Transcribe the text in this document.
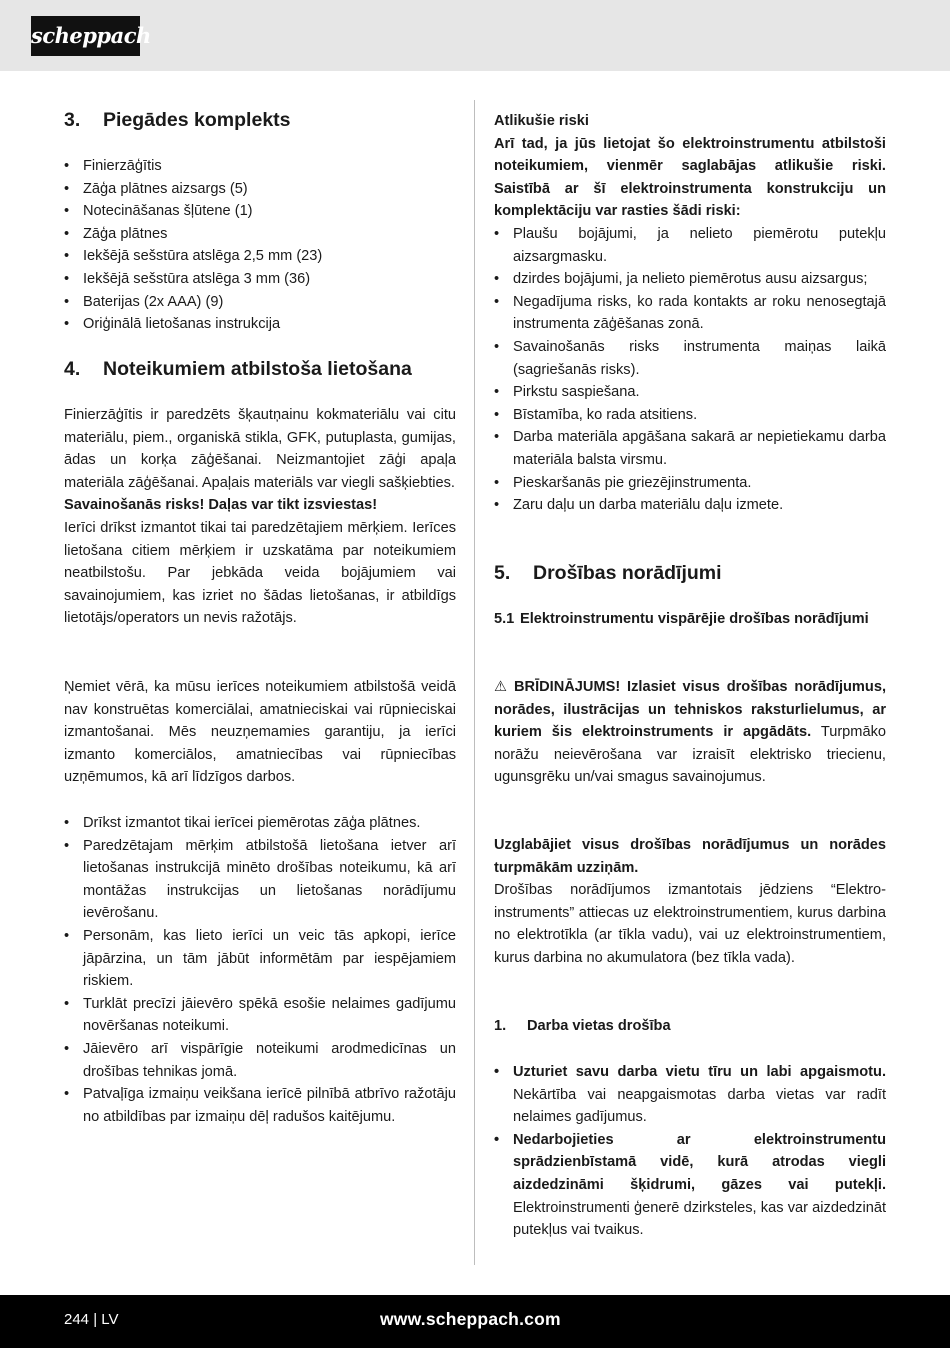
scheppach
3. Piegādes komplekts
• Finierzāģītis
• Zāģa plātnes aizsargs (5)
• Notecināšanas šļūtene (1)
• Zāģa plātnes
• Iekšējā sešstūra atslēga 2,5 mm (23)
• Iekšējā sešstūra atslēga 3 mm (36)
• Baterijas (2x AAA) (9)
• Oriģinālā lietošanas instrukcija
4. Noteikumiem atbilstoša lietošana

Finierzāģītis ir paredzēts šķautņainu kokmateriālu vai citu materiālu, piem., organiskā stikla, GFK, putuplasta, gumijas, ādas un korķa zāģēšanai. Neizmantojiet zāģi apaļa materiāla zāģēšanai. Apaļais materiāls var viegli sašķiebties.

Savainošanās risks! Daļas var tikt izsviestas!

Ierīci drīkst izmantot tikai tai paredzētajiem mērķiem. Ierīces lietošana citiem mērķiem ir uzskatāma par noteikumiem neatbilstošu. Par jebkāda veida bojājumiem vai savainojumiem, kas izriet no šādas lietošanas, ir atbildīgs lietotājs/operators un nevis ražotājs.

Ņemiet vērā, ka mūsu ierīces noteikumiem atbilstošā veidā nav konstruētas komerciālai, amatnieciskai vai rūpnieciskai izmantošanai. Mēs neuzņemamies garantiju, ja ierīci izmanto komerciālos, amatniecības vai rūpniecības uzņēmumos, kā arī līdzīgos darbos.

• Drīkst izmantot tikai ierīcei piemērotas zāģa plātnes.
• Paredzētajam mērķim atbilstošā lietošana ietver arī lietošanas instrukcijā minēto drošības noteikumu, kā arī montāžas instrukcijas un lietošanas norādījumu ievērošanu.
• Personām, kas lieto ierīci un veic tās apkopi, ierīce jāpārzina, un tām jābūt informētām par iespējamiem riskiem.
• Turklāt precīzi jāievēro spēkā esošie nelaimes gadījumu novēršanas noteikumi.
• Jāievēro arī vispārīgie noteikumi arodmedicīnas un drošības tehnikas jomā.
• Patvaļīga izmaiņu veikšana ierīcē pilnībā atbrīvo ražotāju no atbildības par izmaiņu dēļ radušos kaitējumu.

Atlikušie riski

Arī tad, ja jūs lietojat šo elektroinstrumentu atbilstoši noteikumiem, vienmēr saglabājas atlikušie riski. Saistībā ar šī elektroinstrumenta konstrukciju un komplektāciju var rasties šādi riski:

• Plaušu bojājumi, ja nelieto piemērotu putekļu aizsargmasku.
• dzirdes bojājumi, ja nelieto piemērotus ausu aizsargus;
• Negadījuma risks, ko rada kontakts ar roku nenosegtajā instrumenta zāģēšanas zonā.
• Savainošanās risks instrumenta maiņas laikā (sagriešanās risks).
• Pirkstu saspiešana.
• Bīstamība, ko rada atsitiens.
• Darba materiāla apgāšana sakarā ar nepietiekamu darba materiāla balsta virsmu.
• Pieskaršanās pie griezējinstrumenta.
• Zaru daļu un darba materiālu daļu izmete.
5. Drošības norādījumi
5.1 Elektroinstrumentu vispārējie drošības norādījumi

⚠ BRĪDINĀJUMS! Izlasiet visus drošības norādījumus, norādes, ilustrācijas un tehniskos raksturlielumus, ar kuriem šis elektroinstruments ir apgādāts. Turpmāko norāžu neievērošana var izraisīt elektrisko triecienu, ugunsgrēku un/vai smagus savainojumus.

Uzglabājiet visus drošības norādījumus un norādes turpmākām uzziņām.

Drošības norādījumos izmantotais jēdziens “Elektroinstruments” attiecas uz elektroinstrumentiem, kurus darbina no elektrotīkla (ar tīkla vadu), vai uz elektroinstrumentiem, kurus darbina no akumulatora (bez tīkla vada).

1. Darba vietas drošība
• Uzturiet savu darba vietu tīru un labi apgaismotu. Nekārtība vai neapgaismotas darba vietas var radīt nelaimes gadījumus.
• Nedarbojieties ar elektroinstrumentu sprādzienbīstamā vidē, kurā atrodas viegli aizdedzināmi šķidrumi, gāzes vai putekļi. Elektroinstrumenti ģenerē dzirksteles, kas var aizdedzināt putekļus vai tvaikus.
244 | LV	www.scheppach.com
